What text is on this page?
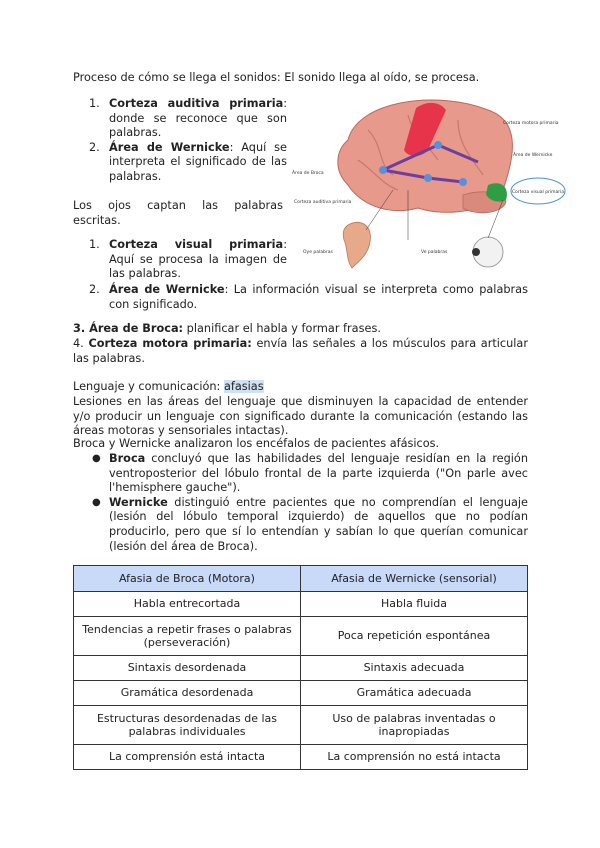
Proceso de cómo se llega el sonidos: El sonido llega al oído, se procesa.
1. Corteza auditiva primaria: donde se reconoce que son palabras.
2. Área de Wernicke: Aquí se interpreta el significado de las palabras.
Los ojos captan las palabras escritas.
1. Corteza visual primaria: Aquí se procesa la imagen de las palabras.
2. Área de Wernicke: La información visual se interpreta como palabras con significado.
3. Área de Broca: planificar el habla y formar frases.
4. Corteza motora primaria: envía las señales a los músculos para articular las palabras.
Lenguaje y comunicación: afasias
Lesiones en las áreas del lenguaje que disminuyen la capacidad de entender y/o producir un lenguaje con significado durante la comunicación (estando las áreas motoras y sensoriales intactas).
Broca y Wernicke analizaron los encéfalos de pacientes afásicos.
● Broca concluyó que las habilidades del lenguaje residían en la región ventroposterior del lóbulo frontal de la parte izquierda ("On parle avec l'hemisphere gauche").
● Wernicke distinguió entre pacientes que no comprendían el lenguaje (lesión del lóbulo temporal izquierdo) de aquellos que no podían producirlo, pero que sí lo entendían y sabían lo que querían comunicar (lesión del área de Broca).
Afasia de Broca (Motora)	Afasia de Wernicke (sensorial)
Habla entrecortada	Habla fluida
Tendencias a repetir frases o palabras (perseveración)	Poca repetición espontánea
Sintaxis desordenada	Sintaxis adecuada
Gramática desordenada	Gramática adecuada
Estructuras desordenadas de las palabras individuales	Uso de palabras inventadas o inapropiadas
La comprensión está intacta	La comprensión no está intacta
Corteza visual primaria
Corteza motora primaria
Área de Wernicke
Área de Broca
Corteza auditiva primaria
Oye palabras	Ve palabras
